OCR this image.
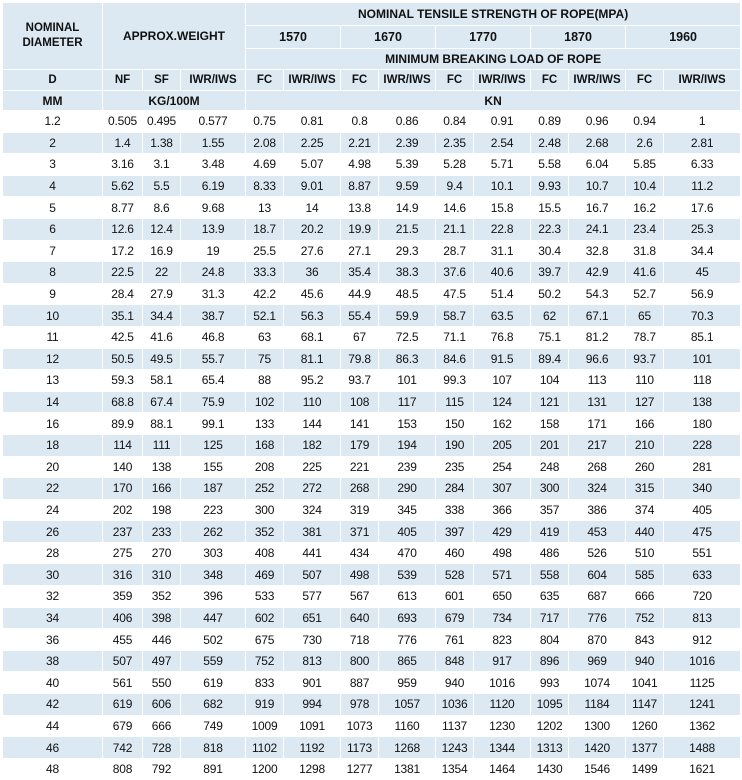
NOMINAL DIAMETER	APPROX.WEIGHT			NOMINAL TENSILE STRENGTH OF ROPE(MPA)									
				1570		1670		1770		1870		1960	
				MINIMUM BREAKING LOAD OF ROPE									
D	NF	SF	IWR/IWS	FC	IWR/IWS	FC	IWR/IWS	FC	IWR/IWS	FC	IWR/IWS	FC	IWR/IWS
MM	KG/100M			KN									
1.2	0.505	0.495	0.577	0.75	0.81	0.8	0.86	0.84	0.91	0.89	0.96	0.94	1
2	1.4	1.38	1.55	2.08	2.25	2.21	2.39	2.35	2.54	2.48	2.68	2.6	2.81
3	3.16	3.1	3.48	4.69	5.07	4.98	5.39	5.28	5.71	5.58	6.04	5.85	6.33
4	5.62	5.5	6.19	8.33	9.01	8.87	9.59	9.4	10.1	9.93	10.7	10.4	11.2
5	8.77	8.6	9.68	13	14	13.8	14.9	14.6	15.8	15.5	16.7	16.2	17.6
6	12.6	12.4	13.9	18.7	20.2	19.9	21.5	21.1	22.8	22.3	24.1	23.4	25.3
7	17.2	16.9	19	25.5	27.6	27.1	29.3	28.7	31.1	30.4	32.8	31.8	34.4
8	22.5	22	24.8	33.3	36	35.4	38.3	37.6	40.6	39.7	42.9	41.6	45
9	28.4	27.9	31.3	42.2	45.6	44.9	48.5	47.5	51.4	50.2	54.3	52.7	56.9
10	35.1	34.4	38.7	52.1	56.3	55.4	59.9	58.7	63.5	62	67.1	65	70.3
11	42.5	41.6	46.8	63	68.1	67	72.5	71.1	76.8	75.1	81.2	78.7	85.1
12	50.5	49.5	55.7	75	81.1	79.8	86.3	84.6	91.5	89.4	96.6	93.7	101
13	59.3	58.1	65.4	88	95.2	93.7	101	99.3	107	104	113	110	118
14	68.8	67.4	75.9	102	110	108	117	115	124	121	131	127	138
16	89.9	88.1	99.1	133	144	141	153	150	162	158	171	166	180
18	114	111	125	168	182	179	194	190	205	201	217	210	228
20	140	138	155	208	225	221	239	235	254	248	268	260	281
22	170	166	187	252	272	268	290	284	307	300	324	315	340
24	202	198	223	300	324	319	345	338	366	357	386	374	405
26	237	233	262	352	381	371	405	397	429	419	453	440	475
28	275	270	303	408	441	434	470	460	498	486	526	510	551
30	316	310	348	469	507	498	539	528	571	558	604	585	633
32	359	352	396	533	577	567	613	601	650	635	687	666	720
34	406	398	447	602	651	640	693	679	734	717	776	752	813
36	455	446	502	675	730	718	776	761	823	804	870	843	912
38	507	497	559	752	813	800	865	848	917	896	969	940	1016
40	561	550	619	833	901	887	959	940	1016	993	1074	1041	1125
42	619	606	682	919	994	978	1057	1036	1120	1095	1184	1147	1241
44	679	666	749	1009	1091	1073	1160	1137	1230	1202	1300	1260	1362
46	742	728	818	1102	1192	1173	1268	1243	1344	1313	1420	1377	1488
48	808	792	891	1200	1298	1277	1381	1354	1464	1430	1546	1499	1621
